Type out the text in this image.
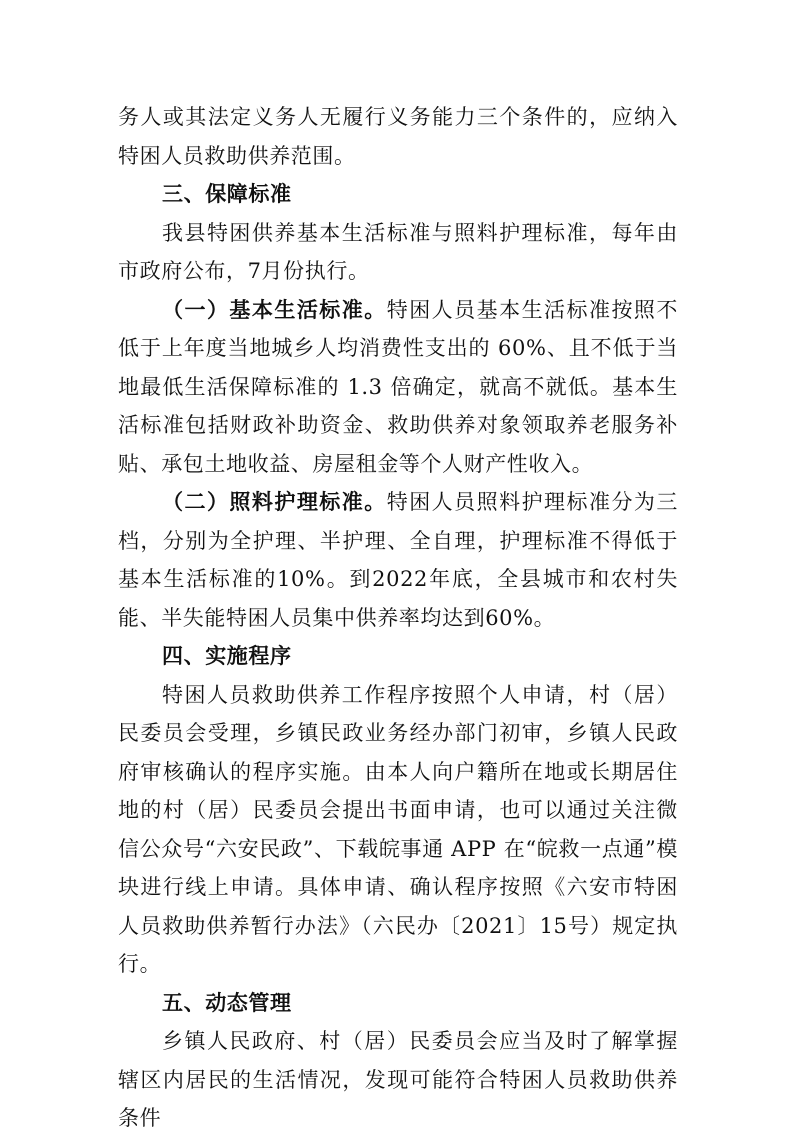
务人或其法定义务人无履行义务能力三个条件的，应纳入特困人员救助供养范围。

三、保障标准

我县特困供养基本生活标准与照料护理标准，每年由市政府公布，7月份执行。

（一）基本生活标准。特困人员基本生活标准按照不低于上年度当地城乡人均消费性支出的 60%、且不低于当地最低生活保障标准的 1.3 倍确定，就高不就低。基本生活标准包括财政补助资金、救助供养对象领取养老服务补贴、承包土地收益、房屋租金等个人财产性收入。

（二）照料护理标准。特困人员照料护理标准分为三档，分别为全护理、半护理、全自理，护理标准不得低于基本生活标准的10%。到2022年底，全县城市和农村失能、半失能特困人员集中供养率均达到60%。

四、实施程序

特困人员救助供养工作程序按照个人申请，村（居）民委员会受理，乡镇民政业务经办部门初审，乡镇人民政府审核确认的程序实施。由本人向户籍所在地或长期居住地的村（居）民委员会提出书面申请，也可以通过关注微信公众号“六安民政”、下载皖事通 APP 在“皖救一点通”模块进行线上申请。具体申请、确认程序按照《六安市特困人员救助供养暂行办法》（六民办〔2021〕15号）规定执行。

五、动态管理

乡镇人民政府、村（居）民委员会应当及时了解掌握辖区内居民的生活情况，发现可能符合特困人员救助供养条件
